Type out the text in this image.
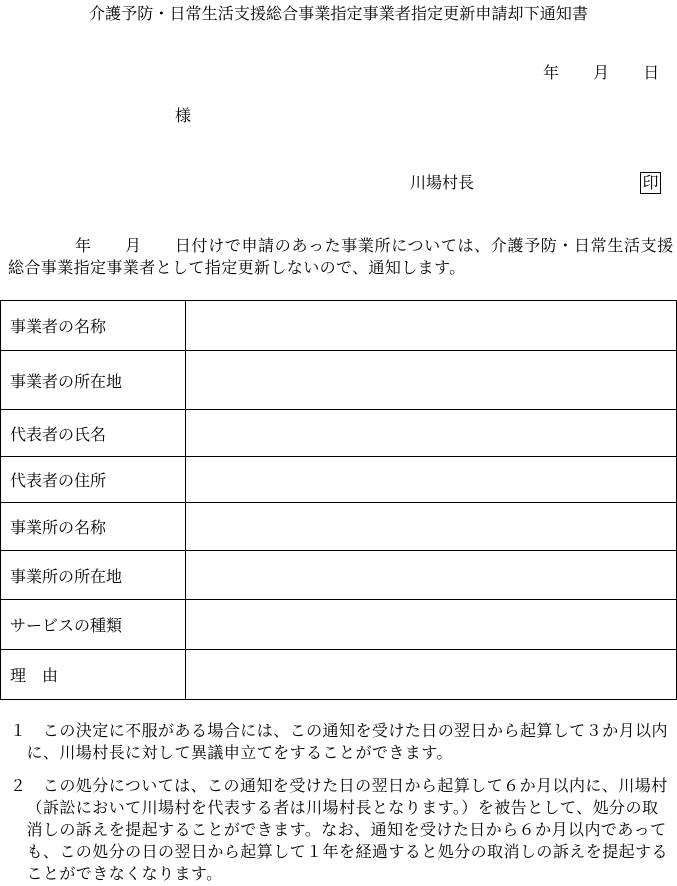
介護予防・日常生活支援総合事業指定事業者指定更新申請却下通知書
年　　月　　日
様
川場村長	印
年　　月　　日付けで申請のあった事業所については、介護予防・日常生活支援
総合事業指定事業者として指定更新しないので、通知します。
事業者の名称
事業者の所在地
代表者の氏名
代表者の住所
事業所の名称
事業所の所在地
サービスの種類
理　由
１ この決定に不服がある場合には、この通知を受けた日の翌日から起算して３か月以内
に、川場村長に対して異議申立てをすることができます。
２ この処分については、この通知を受けた日の翌日から起算して６か月以内に、川場村
（訴訟において川場村を代表する者は川場村長となります。）を被告として、処分の取
消しの訴えを提起することができます。なお、通知を受けた日から６か月以内であって
も、この処分の日の翌日から起算して１年を経過すると処分の取消しの訴えを提起する
ことができなくなります。
